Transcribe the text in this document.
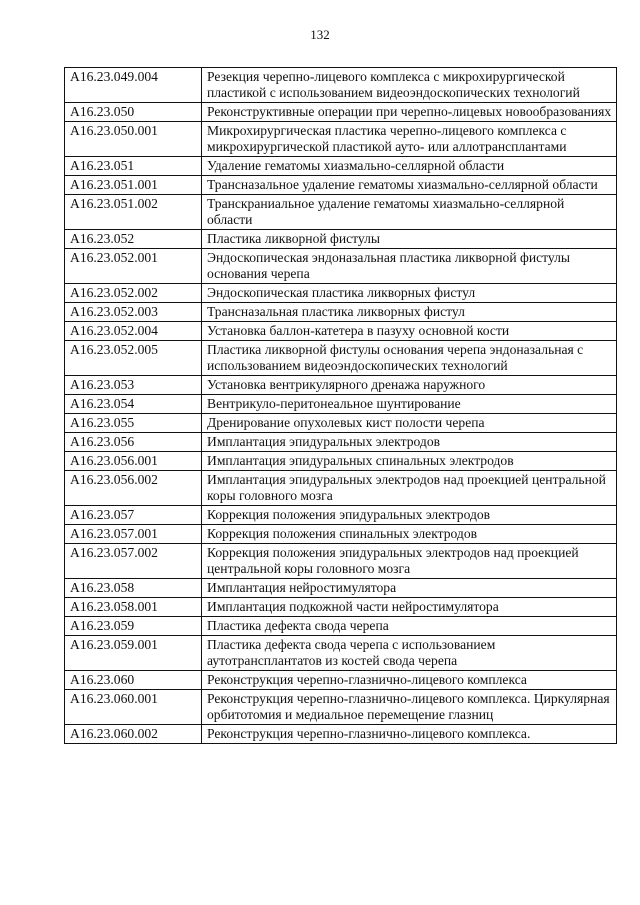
132
A16.23.049.004	Резекция черепно-лицевого комплекса с микрохирургической пластикой с использованием видеоэндоскопических технологий
A16.23.050	Реконструктивные операции при черепно-лицевых новообразованиях
A16.23.050.001	Микрохирургическая пластика черепно-лицевого комплекса с микрохирургической пластикой ауто- или аллотрансплантами
A16.23.051	Удаление гематомы хиазмально-селлярной области
A16.23.051.001	Трансназальное удаление гематомы хиазмально-селлярной области
A16.23.051.002	Транскраниальное удаление гематомы хиазмально-селлярной области
A16.23.052	Пластика ликворной фистулы
A16.23.052.001	Эндоскопическая эндоназальная пластика ликворной фистулы основания черепа
A16.23.052.002	Эндоскопическая пластика ликворных фистул
A16.23.052.003	Трансназальная пластика ликворных фистул
A16.23.052.004	Установка баллон-катетера в пазуху основной кости
A16.23.052.005	Пластика ликворной фистулы основания черепа эндоназальная с использованием видеоэндоскопических технологий
A16.23.053	Установка вентрикулярного дренажа наружного
A16.23.054	Вентрикуло-перитонеальное шунтирование
A16.23.055	Дренирование опухолевых кист полости черепа
A16.23.056	Имплантация эпидуральных электродов
A16.23.056.001	Имплантация эпидуральных спинальных электродов
A16.23.056.002	Имплантация эпидуральных электродов над проекцией центральной коры головного мозга
A16.23.057	Коррекция положения эпидуральных электродов
A16.23.057.001	Коррекция положения спинальных электродов
A16.23.057.002	Коррекция положения эпидуральных электродов над проекцией центральной коры головного мозга
A16.23.058	Имплантация нейростимулятора
A16.23.058.001	Имплантация подкожной части нейростимулятора
A16.23.059	Пластика дефекта свода черепа
A16.23.059.001	Пластика дефекта свода черепа с использованием аутотрансплантатов из костей свода черепа
A16.23.060	Реконструкция черепно-глазнично-лицевого комплекса
A16.23.060.001	Реконструкция черепно-глазнично-лицевого комплекса. Циркулярная орбитотомия и медиальное перемещение глазниц
A16.23.060.002	Реконструкция черепно-глазнично-лицевого комплекса.
